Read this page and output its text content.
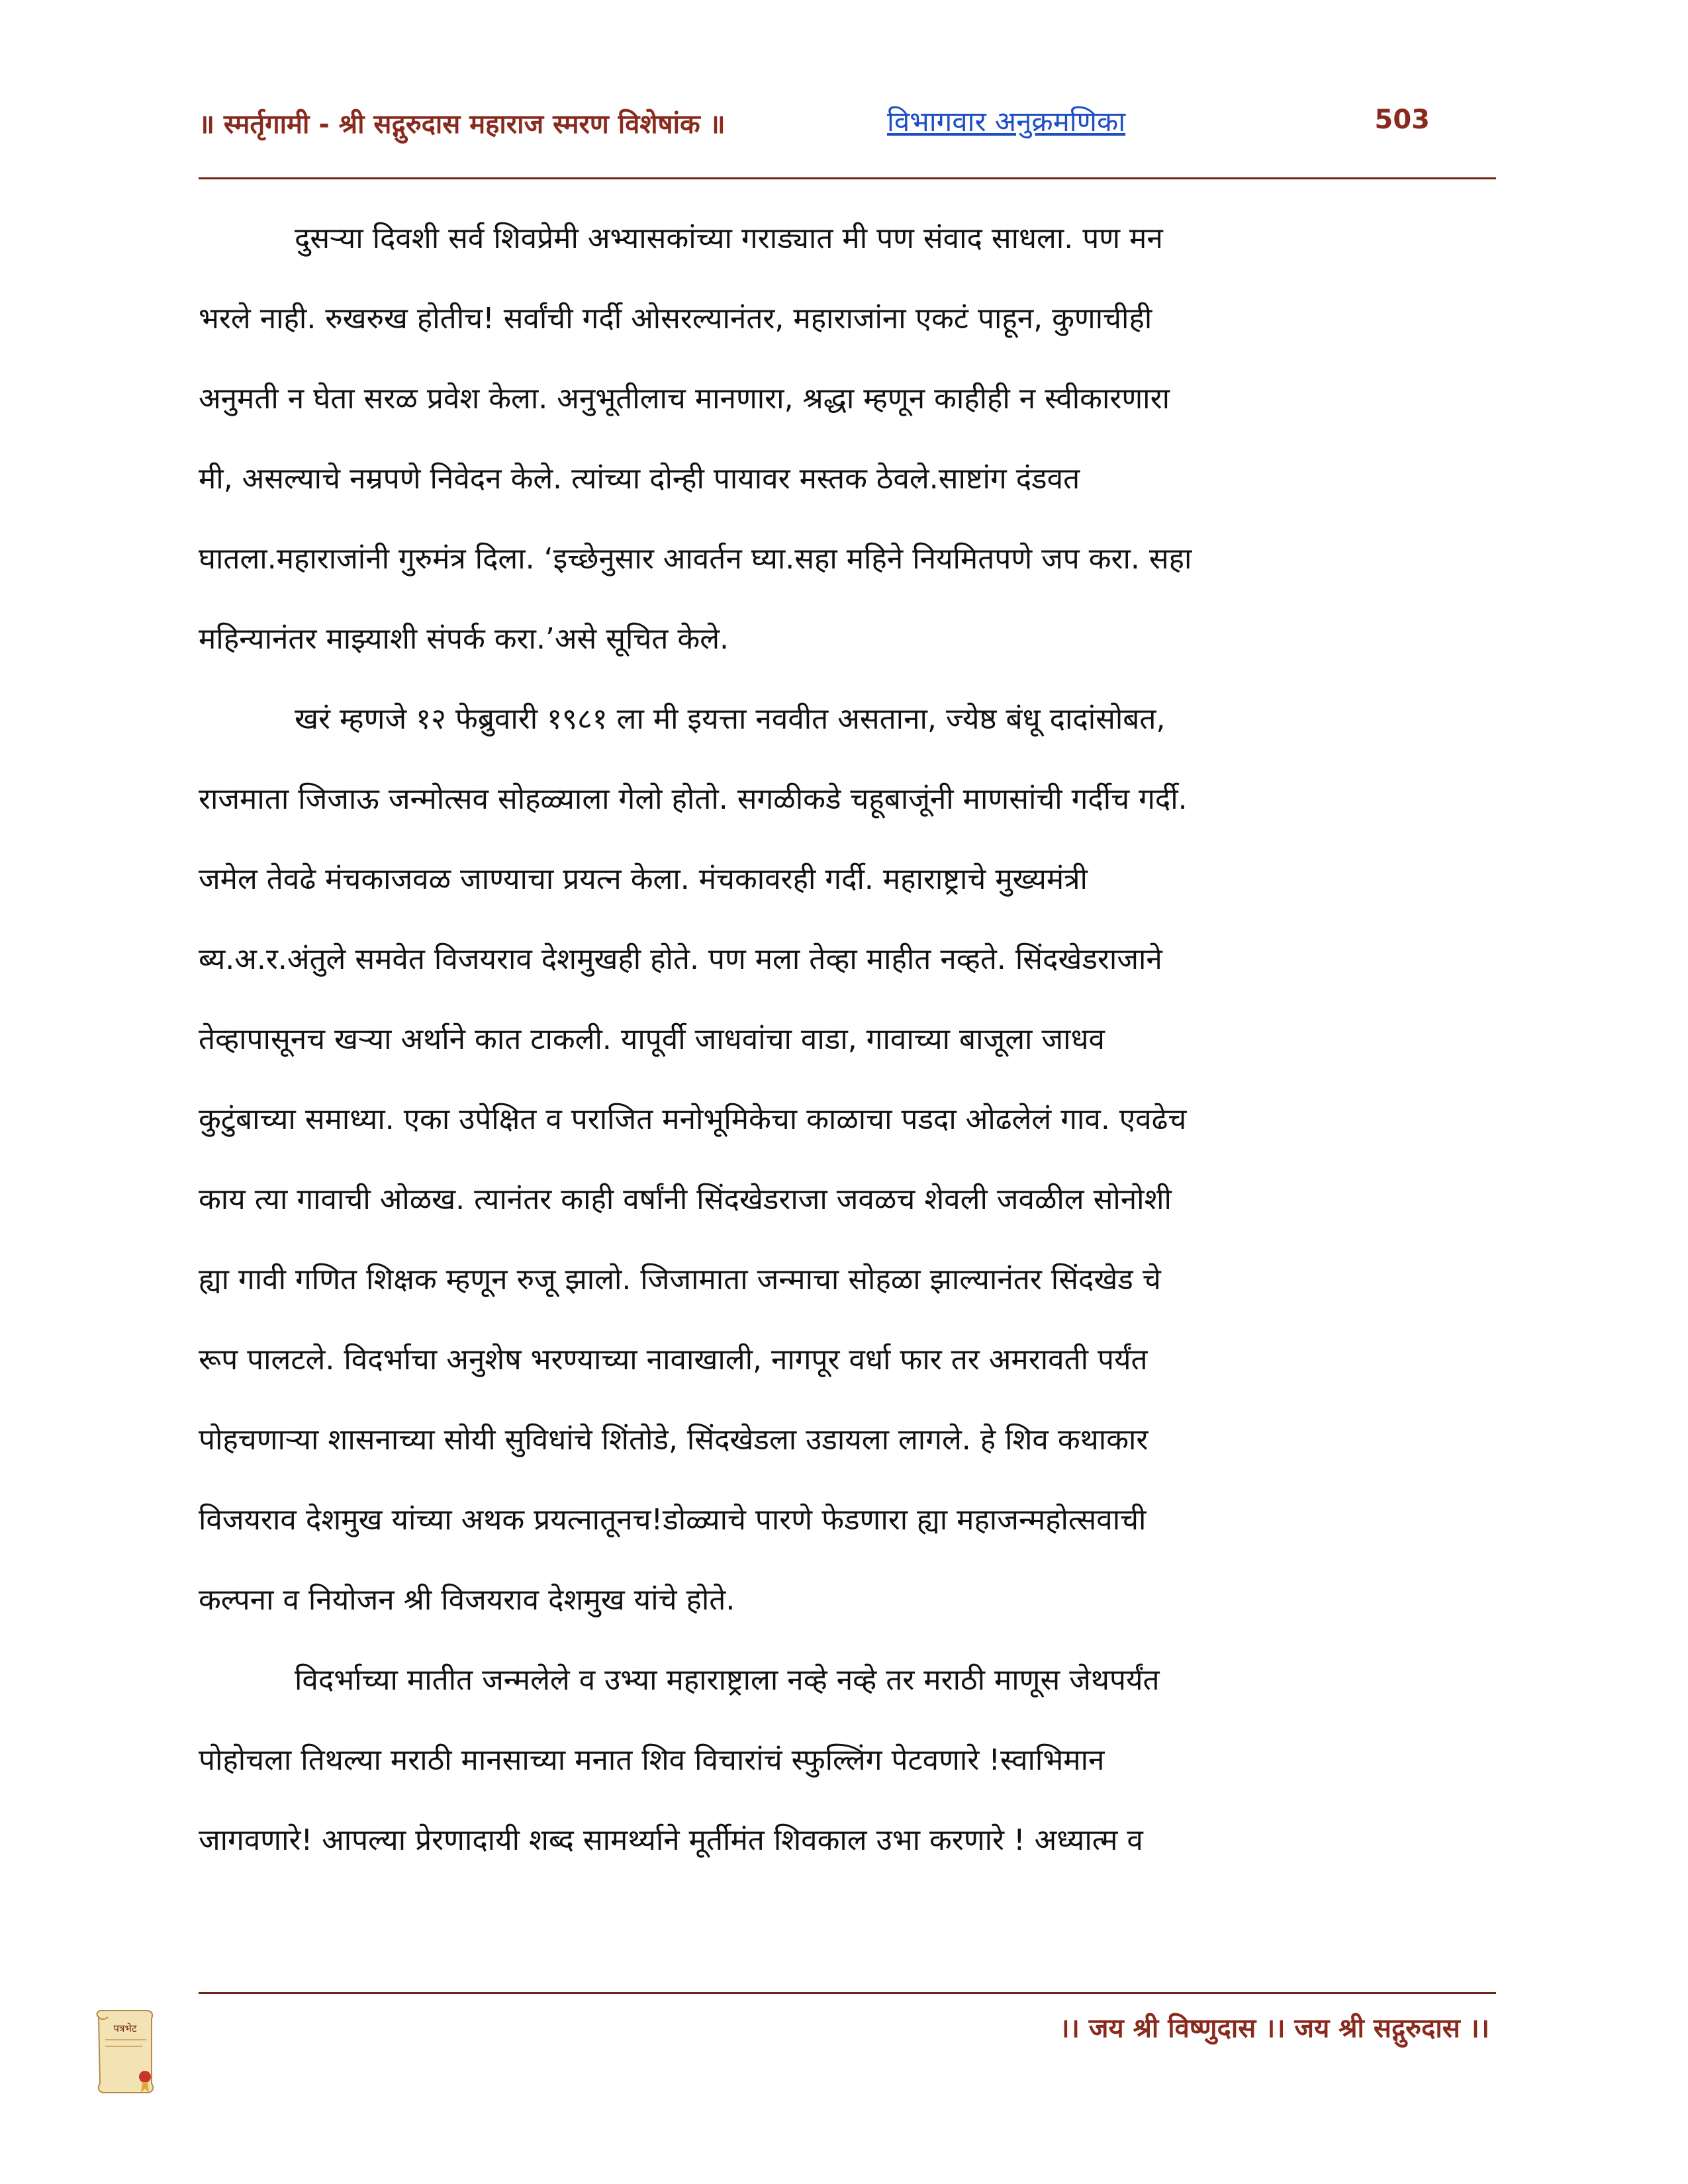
॥ स्मर्तृगामी - श्री सद्गुरुदास महाराज स्मरण विशेषांक ॥	विभागवार अनुक्रमणिका	503
दुसऱ्या दिवशी सर्व शिवप्रेमी अभ्यासकांच्या गराड्यात मी पण संवाद साधला. पण मन
भरले नाही. रुखरुख होतीच! सर्वांची गर्दी ओसरल्यानंतर, महाराजांना एकटं पाहून, कुणाचीही
अनुमती न घेता सरळ प्रवेश केला. अनुभूतीलाच मानणारा, श्रद्धा म्हणून काहीही न स्वीकारणारा
मी, असल्याचे नम्रपणे निवेदन केले. त्यांच्या दोन्ही पायावर मस्तक ठेवले.साष्टांग दंडवत
घातला.महाराजांनी गुरुमंत्र दिला. ‘इच्छेनुसार आवर्तन घ्या.सहा महिने नियमितपणे जप करा. सहा
महिन्यानंतर माझ्याशी संपर्क करा.’असे सूचित केले.
खरं म्हणजे १२ फेब्रुवारी १९८१ ला मी इयत्ता नववीत असताना, ज्येष्ठ बंधू दादांसोबत,
राजमाता जिजाऊ जन्मोत्सव सोहळ्याला गेलो होतो. सगळीकडे चहूबाजूंनी माणसांची गर्दीच गर्दी.
जमेल तेवढे मंचकाजवळ जाण्याचा प्रयत्न केला. मंचकावरही गर्दी. महाराष्ट्राचे मुख्यमंत्री
ब्य.अ.र.अंतुले समवेत विजयराव देशमुखही होते. पण मला तेव्हा माहीत नव्हते. सिंदखेडराजाने
तेव्हापासूनच खऱ्या अर्थाने कात टाकली. यापूर्वी जाधवांचा वाडा, गावाच्या बाजूला जाधव
कुटुंबाच्या समाध्या. एका उपेक्षित व पराजित मनोभूमिकेचा काळाचा पडदा ओढलेलं गाव. एवढेच
काय त्या गावाची ओळख. त्यानंतर काही वर्षांनी सिंदखेडराजा जवळच शेवली जवळील सोनोशी
ह्या गावी गणित शिक्षक म्हणून रुजू झालो. जिजामाता जन्माचा सोहळा झाल्यानंतर सिंदखेड चे
रूप पालटले. विदर्भाचा अनुशेष भरण्याच्या नावाखाली, नागपूर वर्धा फार तर अमरावती पर्यंत
पोहचणाऱ्या शासनाच्या सोयी सुविधांचे शिंतोडे, सिंदखेडला उडायला लागले. हे शिव कथाकार
विजयराव देशमुख यांच्या अथक प्रयत्नातूनच!डोळ्याचे पारणे फेडणारा ह्या महाजन्महोत्सवाची
कल्पना व नियोजन श्री विजयराव देशमुख यांचे होते.
विदर्भाच्या मातीत जन्मलेले व उभ्या महाराष्ट्राला नव्हे नव्हे तर मराठी माणूस जेथपर्यंत
पोहोचला तिथल्या मराठी मानसाच्या मनात शिव विचारांचं स्फुल्लिंग पेटवणारे !स्वाभिमान
जागवणारे! आपल्या प्रेरणादायी शब्द सामर्थ्याने मूर्तीमंत शिवकाल उभा करणारे ! अध्यात्म व
पत्रभेट	।। जय श्री विष्णुदास ।। जय श्री सद्गुरुदास ।।
